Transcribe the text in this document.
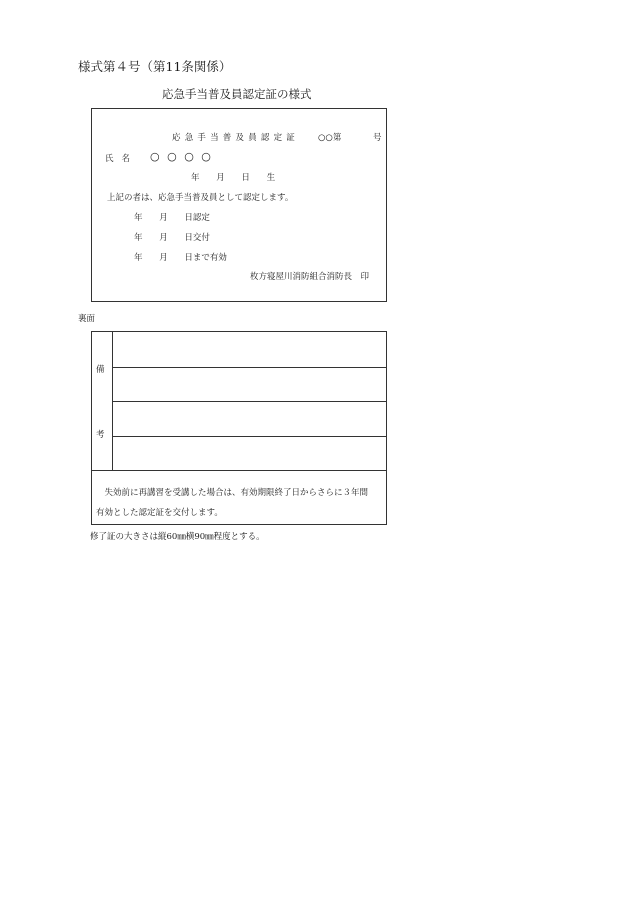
様式第４号（第11条関係）
応急手当普及員認定証の様式
応急手当普及員認定証 ○○第	号
氏名 ○○○○
年 月 日 生
上記の者は、応急手当普及員として認定します。
年 月 日認定
年 月 日交付
年 月 日まで有効
枚方寝屋川消防組合消防長　印
裏面
備
考
　失効前に再講習を受講した場合は、有効期限終了日からさらに３年間
有効とした認定証を交付します。
修了証の大きさは縦60㎜横90㎜程度とする。
